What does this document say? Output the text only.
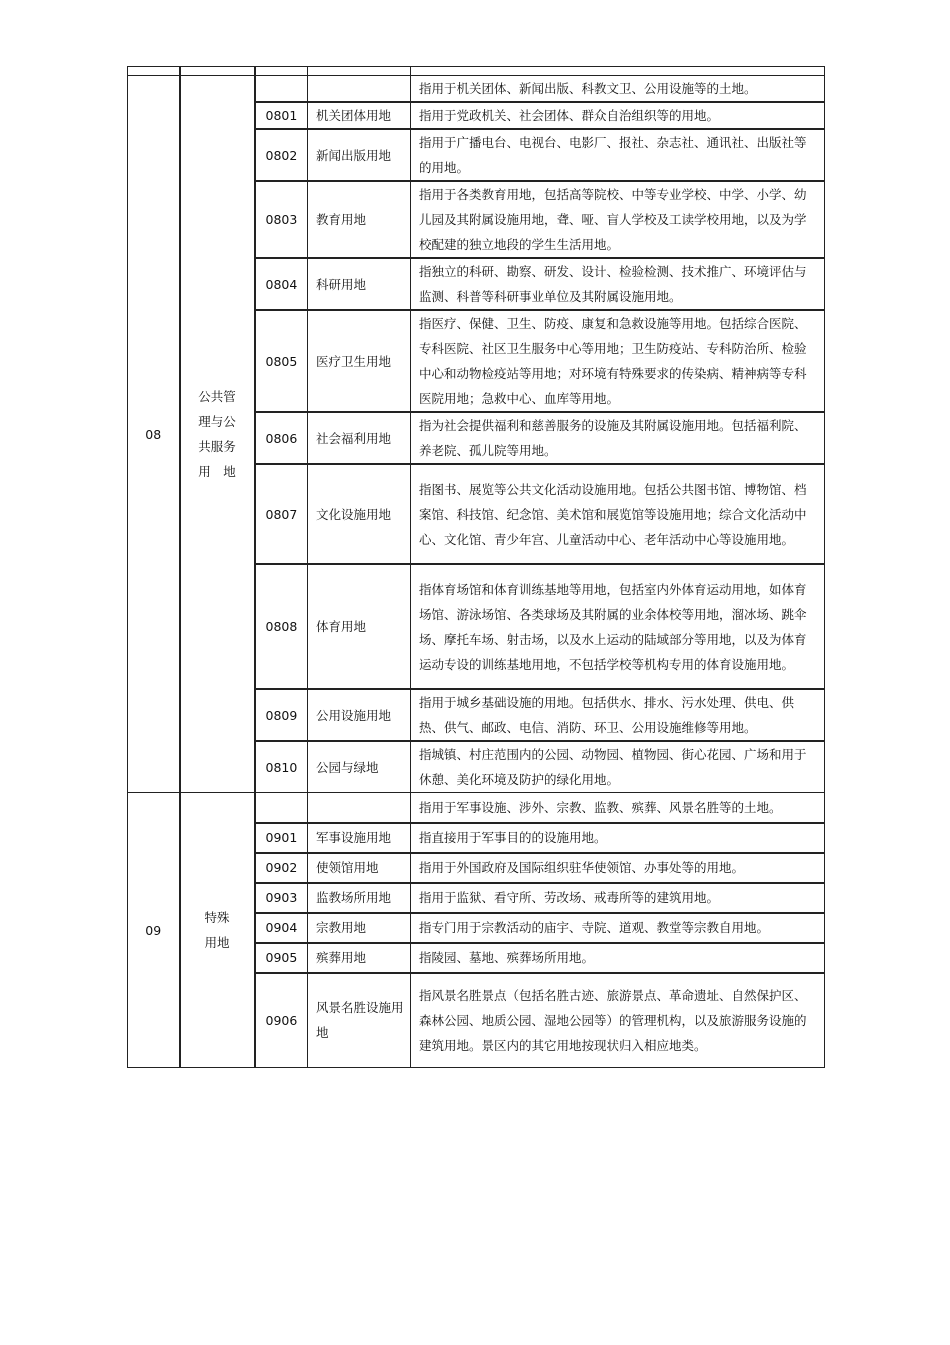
08	公共管
理与公
共服务
用　地			指用于机关团体、新闻出版、科教文卫、公用设施等的土地。
		0801	机关团体用地	指用于党政机关、社会团体、群众自治组织等的用地。
		0802	新闻出版用地	指用于广播电台、电视台、电影厂、报社、杂志社、通讯社、出版社等的用地。
		0803	教育用地	指用于各类教育用地，包括高等院校、中等专业学校、中学、小学、幼儿园及其附属设施用地，聋、哑、盲人学校及工读学校用地，以及为学校配建的独立地段的学生生活用地。
		0804	科研用地	指独立的科研、勘察、研发、设计、检验检测、技术推广、环境评估与监测、科普等科研事业单位及其附属设施用地。
		0805	医疗卫生用地	指医疗、保健、卫生、防疫、康复和急救设施等用地。包括综合医院、专科医院、社区卫生服务中心等用地；卫生防疫站、专科防治所、检验中心和动物检疫站等用地；对环境有特殊要求的传染病、精神病等专科医院用地；急救中心、血库等用地。
		0806	社会福利用地	指为社会提供福利和慈善服务的设施及其附属设施用地。包括福利院、养老院、孤儿院等用地。
		0807	文化设施用地	指图书、展览等公共文化活动设施用地。包括公共图书馆、博物馆、档案馆、科技馆、纪念馆、美术馆和展览馆等设施用地；综合文化活动中心、文化馆、青少年宫、儿童活动中心、老年活动中心等设施用地。
		0808	体育用地	指体育场馆和体育训练基地等用地，包括室内外体育运动用地，如体育场馆、游泳场馆、各类球场及其附属的业余体校等用地，溜冰场、跳伞场、摩托车场、射击场，以及水上运动的陆域部分等用地，以及为体育运动专设的训练基地用地，不包括学校等机构专用的体育设施用地。
		0809	公用设施用地	指用于城乡基础设施的用地。包括供水、排水、污水处理、供电、供热、供气、邮政、电信、消防、环卫、公用设施维修等用地。
		0810	公园与绿地	指城镇、村庄范围内的公园、动物园、植物园、街心花园、广场和用于休憩、美化环境及防护的绿化用地。
09	特殊
用地			指用于军事设施、涉外、宗教、监教、殡葬、风景名胜等的土地。
		0901	军事设施用地	指直接用于军事目的的设施用地。
		0902	使领馆用地	指用于外国政府及国际组织驻华使领馆、办事处等的用地。
		0903	监教场所用地	指用于监狱、看守所、劳改场、戒毒所等的建筑用地。
		0904	宗教用地	指专门用于宗教活动的庙宇、寺院、道观、教堂等宗教自用地。
		0905	殡葬用地	指陵园、墓地、殡葬场所用地。
		0906	风景名胜设施用地	指风景名胜景点（包括名胜古迹、旅游景点、革命遗址、自然保护区、森林公园、地质公园、湿地公园等）的管理机构，以及旅游服务设施的建筑用地。景区内的其它用地按现状归入相应地类。
